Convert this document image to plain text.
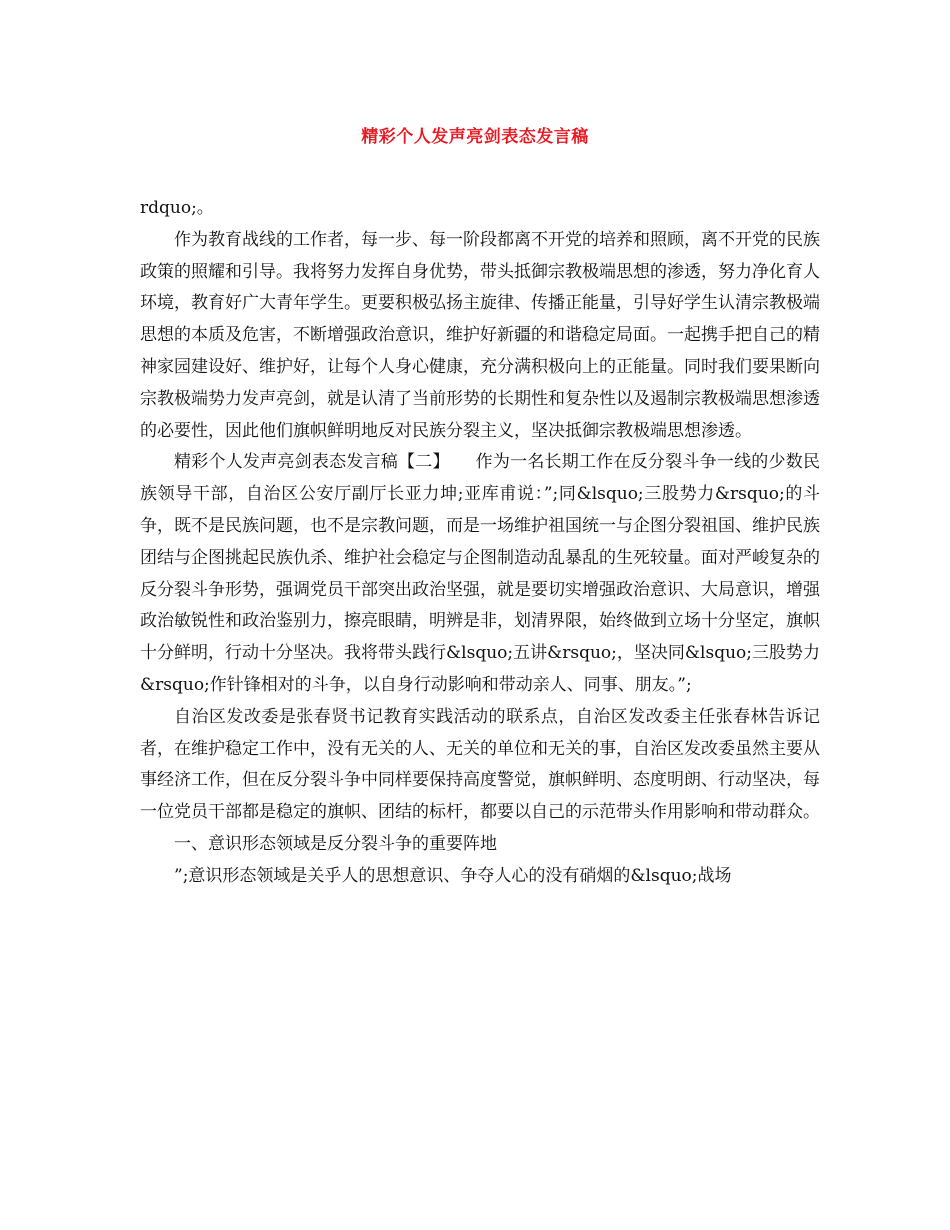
精彩个人发声亮剑表态发言稿

rdquo;。

作为教育战线的工作者，每一步、每一阶段都离不开党的培养和照顾，离不开党的民族政策的照耀和引导。我将努力发挥自身优势，带头抵御宗教极端思想的渗透，努力净化育人环境，教育好广大青年学生。更要积极弘扬主旋律、传播正能量，引导好学生认清宗教极端思想的本质及危害，不断增强政治意识，维护好新疆的和谐稳定局面。一起携手把自己的精神家园建设好、维护好，让每个人身心健康，充分满积极向上的正能量。同时我们要果断向宗教极端势力发声亮剑，就是认清了当前形势的长期性和复杂性以及遏制宗教极端思想渗透的必要性，因此他们旗帜鲜明地反对民族分裂主义，坚决抵御宗教极端思想渗透。

精彩个人发声亮剑表态发言稿【二】　　作为一名长期工作在反分裂斗争一线的少数民族领导干部，自治区公安厅副厅长亚力坤;亚库甫说：”;同&lsquo;三股势力&rsquo;的斗争，既不是民族问题，也不是宗教问题，而是一场维护祖国统一与企图分裂祖国、维护民族团结与企图挑起民族仇杀、维护社会稳定与企图制造动乱暴乱的生死较量。面对严峻复杂的反分裂斗争形势，强调党员干部突出政治坚强，就是要切实增强政治意识、大局意识，增强政治敏锐性和政治鉴别力，擦亮眼睛，明辨是非，划清界限，始终做到立场十分坚定，旗帜十分鲜明，行动十分坚决。我将带头践行&lsquo;五讲&rsquo;，坚决同&lsquo;三股势力&rsquo;作针锋相对的斗争，以自身行动影响和带动亲人、同事、朋友。”;

自治区发改委是张春贤书记教育实践活动的联系点，自治区发改委主任张春林告诉记者，在维护稳定工作中，没有无关的人、无关的单位和无关的事，自治区发改委虽然主要从事经济工作，但在反分裂斗争中同样要保持高度警觉，旗帜鲜明、态度明朗、行动坚决，每一位党员干部都是稳定的旗帜、团结的标杆，都要以自己的示范带头作用影响和带动群众。

一、意识形态领域是反分裂斗争的重要阵地

”;意识形态领域是关乎人的思想意识、争夺人心的没有硝烟的&lsquo;战场
